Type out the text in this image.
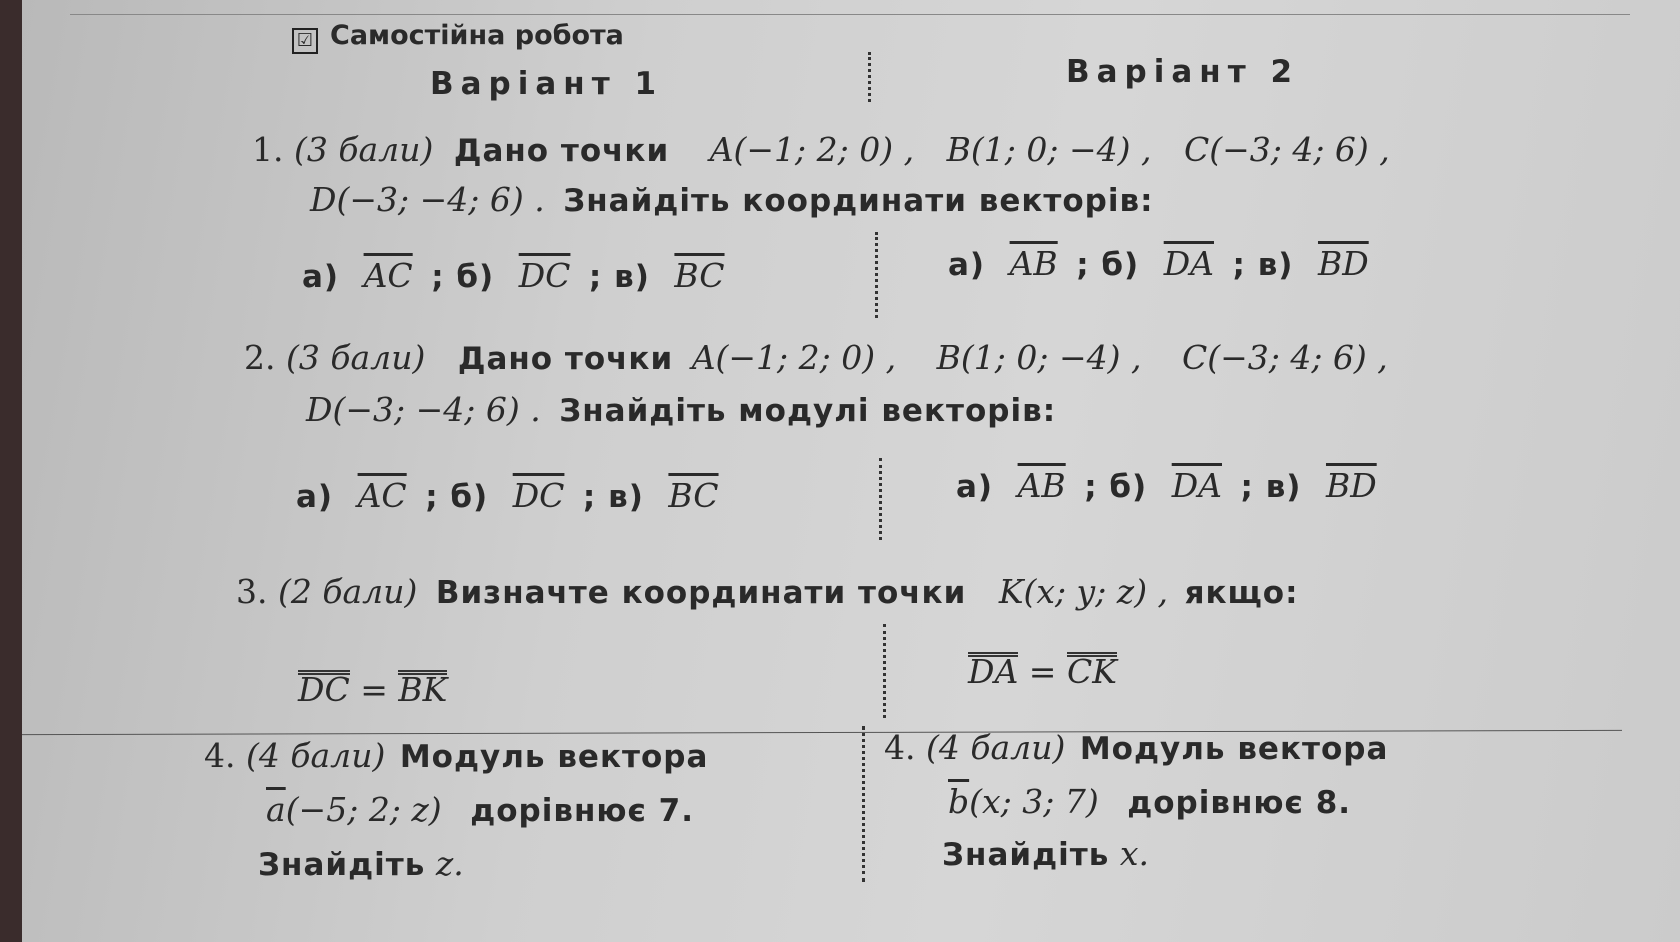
☑ Самостійна робота
Варіант 1	Варіант 2
1. (3 бали) Дано точки A(−1; 2; 0) , B(1; 0; −4) , C(−3; 4; 6) ,
D(−3; −4; 6) . Знайдіть координати векторів:
а) $\overline{AC}$ ; б) $\overline{DC}$ ; в) $\overline{BC}$	а) $\overline{AB}$ ; б) $\overline{DA}$ ; в) $\overline{BD}$
2. (3 бали) Дано точки A(−1; 2; 0) , B(1; 0; −4) , C(−3; 4; 6) ,
D(−3; −4; 6) . Знайдіть модулі векторів:
а) $\overline{AC}$ ; б) $\overline{DC}$ ; в) $\overline{BC}$	а) $\overline{AB}$ ; б) $\overline{DA}$ ; в) $\overline{BD}$
3. (2 бали) Визначте координати точки K(x; y; z) , якщо:
DC = BK	DA = CK
4. (4 бали) Модуль вектора
$\overline{a}(-5$; 2; z) дорівнює 7.
Знайдіть z.
4. (4 бали) Модуль вектора
$\overline{b}(x$; 3; 7) дорівнює 8.
Знайдіть x.
